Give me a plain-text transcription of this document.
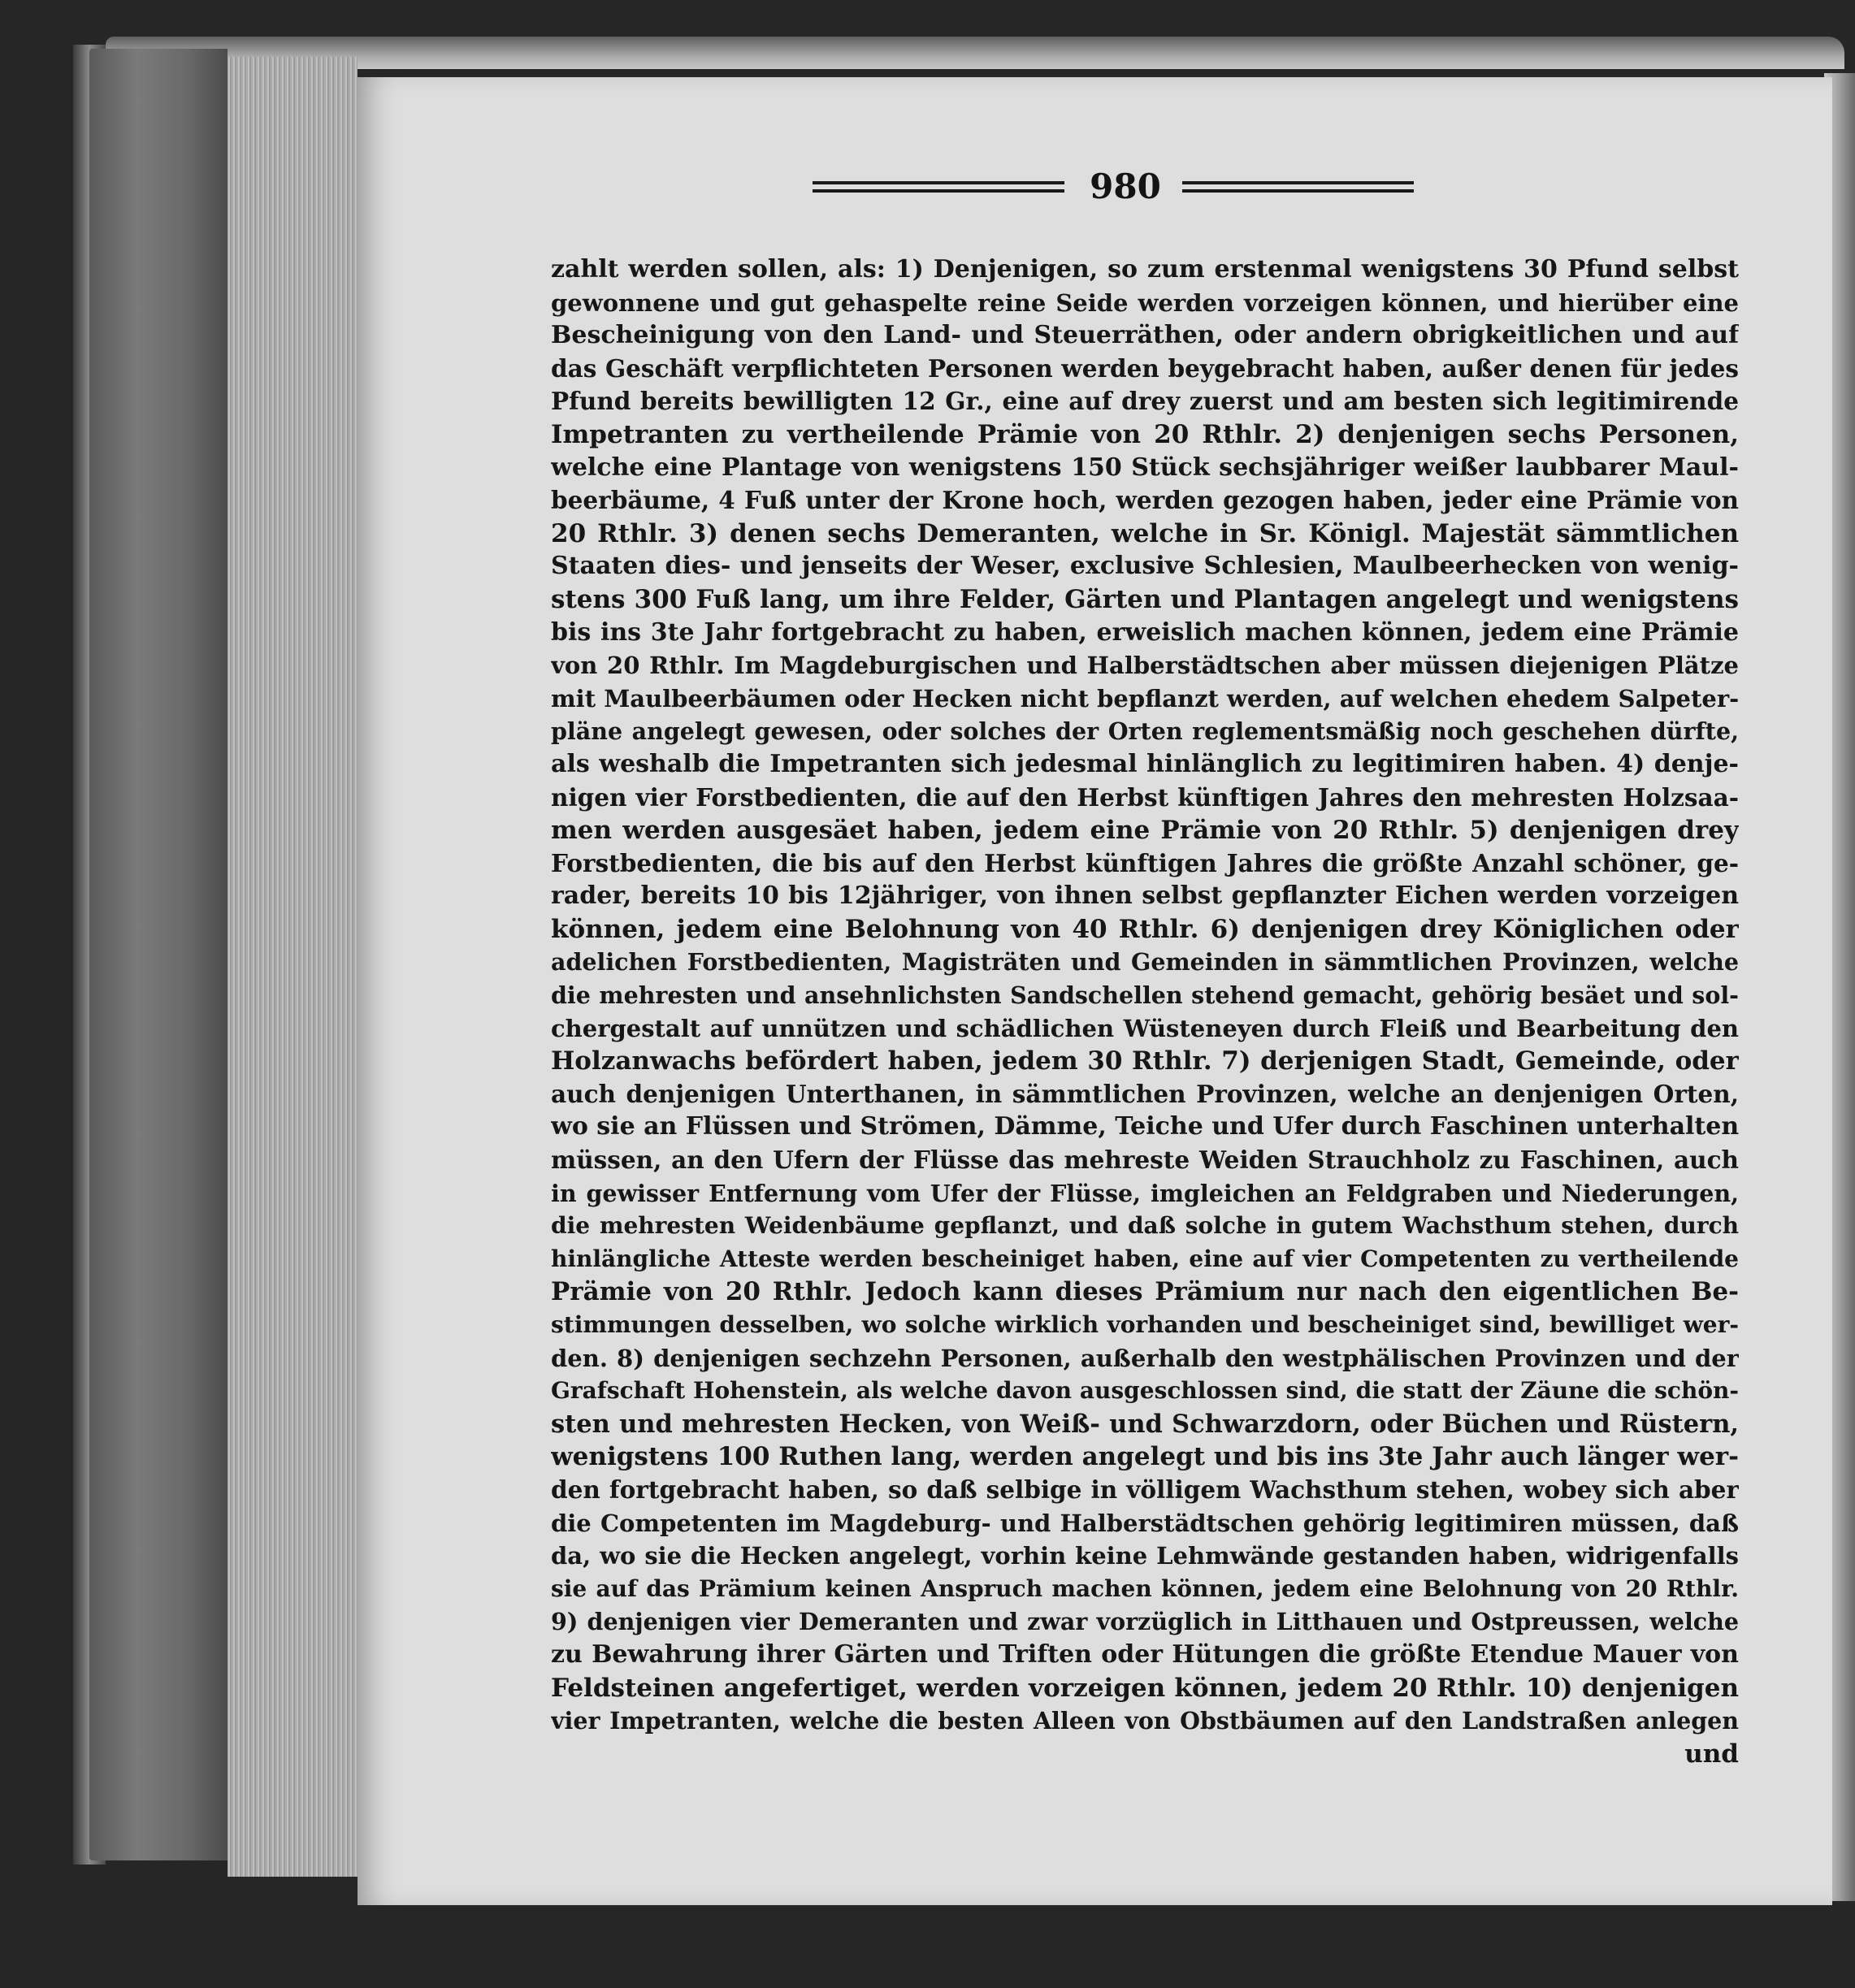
980
zahlt werden sollen, als: 1) Denjenigen, so zum erstenmal wenigstens 30 Pfund selbst
gewonnene und gut gehaspelte reine Seide werden vorzeigen können, und hierüber eine
Bescheinigung von den Land- und Steuerräthen, oder andern obrigkeitlichen und auf
das Geschäft verpflichteten Personen werden beygebracht haben, außer denen für jedes
Pfund bereits bewilligten 12 Gr., eine auf drey zuerst und am besten sich legitimirende
Impetranten zu vertheilende Prämie von 20 Rthlr. 2) denjenigen sechs Personen,
welche eine Plantage von wenigstens 150 Stück sechsjähriger weißer laubbarer Maul-
beerbäume, 4 Fuß unter der Krone hoch, werden gezogen haben, jeder eine Prämie von
20 Rthlr. 3) denen sechs Demeranten, welche in Sr. Königl. Majestät sämmtlichen
Staaten dies- und jenseits der Weser, exclusive Schlesien, Maulbeerhecken von wenig-
stens 300 Fuß lang, um ihre Felder, Gärten und Plantagen angelegt und wenigstens
bis ins 3te Jahr fortgebracht zu haben, erweislich machen können, jedem eine Prämie
von 20 Rthlr. Im Magdeburgischen und Halberstädtschen aber müssen diejenigen Plätze
mit Maulbeerbäumen oder Hecken nicht bepflanzt werden, auf welchen ehedem Salpeter-
pläne angelegt gewesen, oder solches der Orten reglementsmäßig noch geschehen dürfte,
als weshalb die Impetranten sich jedesmal hinlänglich zu legitimiren haben. 4) denje-
nigen vier Forstbedienten, die auf den Herbst künftigen Jahres den mehresten Holzsaa-
men werden ausgesäet haben, jedem eine Prämie von 20 Rthlr. 5) denjenigen drey
Forstbedienten, die bis auf den Herbst künftigen Jahres die größte Anzahl schöner, ge-
rader, bereits 10 bis 12jähriger, von ihnen selbst gepflanzter Eichen werden vorzeigen
können, jedem eine Belohnung von 40 Rthlr. 6) denjenigen drey Königlichen oder
adelichen Forstbedienten, Magisträten und Gemeinden in sämmtlichen Provinzen, welche
die mehresten und ansehnlichsten Sandschellen stehend gemacht, gehörig besäet und sol-
chergestalt auf unnützen und schädlichen Wüsteneyen durch Fleiß und Bearbeitung den
Holzanwachs befördert haben, jedem 30 Rthlr. 7) derjenigen Stadt, Gemeinde, oder
auch denjenigen Unterthanen, in sämmtlichen Provinzen, welche an denjenigen Orten,
wo sie an Flüssen und Strömen, Dämme, Teiche und Ufer durch Faschinen unterhalten
müssen, an den Ufern der Flüsse das mehreste Weiden Strauchholz zu Faschinen, auch
in gewisser Entfernung vom Ufer der Flüsse, imgleichen an Feldgraben und Niederungen,
die mehresten Weidenbäume gepflanzt, und daß solche in gutem Wachsthum stehen, durch
hinlängliche Atteste werden bescheiniget haben, eine auf vier Competenten zu vertheilende
Prämie von 20 Rthlr. Jedoch kann dieses Prämium nur nach den eigentlichen Be-
stimmungen desselben, wo solche wirklich vorhanden und bescheiniget sind, bewilliget wer-
den. 8) denjenigen sechzehn Personen, außerhalb den westphälischen Provinzen und der
Grafschaft Hohenstein, als welche davon ausgeschlossen sind, die statt der Zäune die schön-
sten und mehresten Hecken, von Weiß- und Schwarzdorn, oder Büchen und Rüstern,
wenigstens 100 Ruthen lang, werden angelegt und bis ins 3te Jahr auch länger wer-
den fortgebracht haben, so daß selbige in völligem Wachsthum stehen, wobey sich aber
die Competenten im Magdeburg- und Halberstädtschen gehörig legitimiren müssen, daß
da, wo sie die Hecken angelegt, vorhin keine Lehmwände gestanden haben, widrigenfalls
sie auf das Prämium keinen Anspruch machen können, jedem eine Belohnung von 20 Rthlr.
9) denjenigen vier Demeranten und zwar vorzüglich in Litthauen und Ostpreussen, welche
zu Bewahrung ihrer Gärten und Triften oder Hütungen die größte Etendue Mauer von
Feldsteinen angefertiget, werden vorzeigen können, jedem 20 Rthlr. 10) denjenigen
vier Impetranten, welche die besten Alleen von Obstbäumen auf den Landstraßen anlegen
und
